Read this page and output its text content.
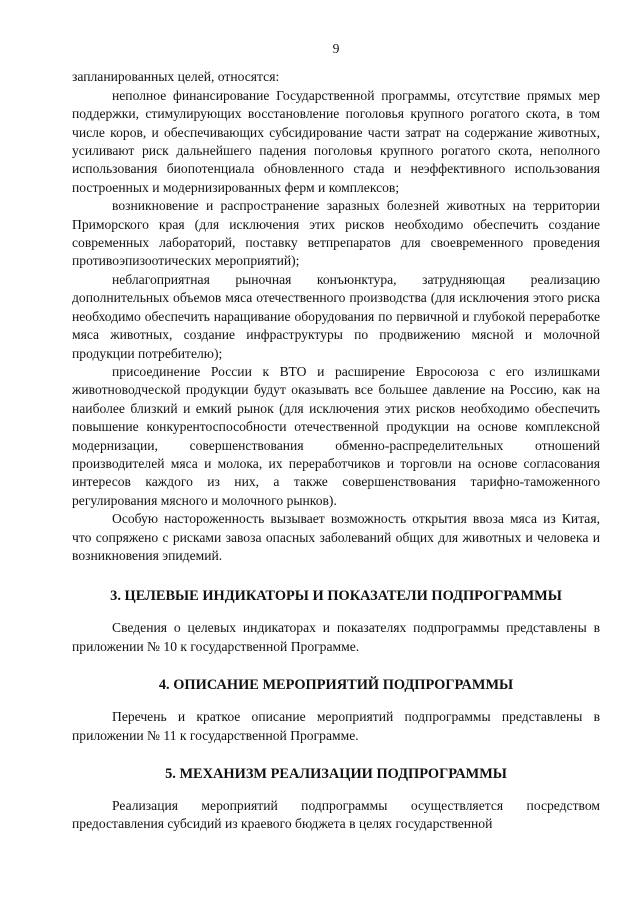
9

запланированных целей, относятся:

неполное финансирование Государственной программы, отсутствие прямых мер поддержки, стимулирующих восстановление поголовья крупного рогатого скота, в том числе коров, и обеспечивающих субсидирование части затрат на содержание животных, усиливают риск дальнейшего падения поголовья крупного рогатого скота, неполного использования биопотенциала обновленного стада и неэффективного использования построенных и модернизированных ферм и комплексов;

возникновение и распространение заразных болезней животных на территории Приморского края (для исключения этих рисков необходимо обеспечить создание современных лабораторий, поставку ветпрепаратов для своевременного проведения противоэпизоотических мероприятий);

неблагоприятная рыночная конъюнктура, затрудняющая реализацию дополнительных объемов мяса отечественного производства (для исключения этого риска необходимо обеспечить наращивание оборудования по первичной и глубокой переработке мяса животных, создание инфраструктуры по продвижению мясной и молочной продукции потребителю);

присоединение России к ВТО и расширение Евросоюза с его излишками животноводческой продукции будут оказывать все большее давление на Россию, как на наиболее близкий и емкий рынок (для исключения этих рисков необходимо обеспечить повышение конкурентоспособности отечественной продукции на основе комплексной модернизации, совершенствования обменно-распределительных отношений производителей мяса и молока, их переработчиков и торговли на основе согласования интересов каждого из них, а также совершенствования тарифно-таможенного регулирования мясного и молочного рынков).

Особую настороженность вызывает возможность открытия ввоза мяса из Китая, что сопряжено с рисками завоза опасных заболеваний общих для животных и человека и возникновения эпидемий.

3. ЦЕЛЕВЫЕ ИНДИКАТОРЫ И ПОКАЗАТЕЛИ ПОДПРОГРАММЫ

Сведения о целевых индикаторах и показателях подпрограммы представлены в приложении № 10 к государственной Программе.

4. ОПИСАНИЕ МЕРОПРИЯТИЙ ПОДПРОГРАММЫ

Перечень и краткое описание мероприятий подпрограммы представлены в приложении № 11 к государственной Программе.

5. МЕХАНИЗМ РЕАЛИЗАЦИИ ПОДПРОГРАММЫ

Реализация мероприятий подпрограммы осуществляется посредством предоставления субсидий из краевого бюджета в целях государственной
